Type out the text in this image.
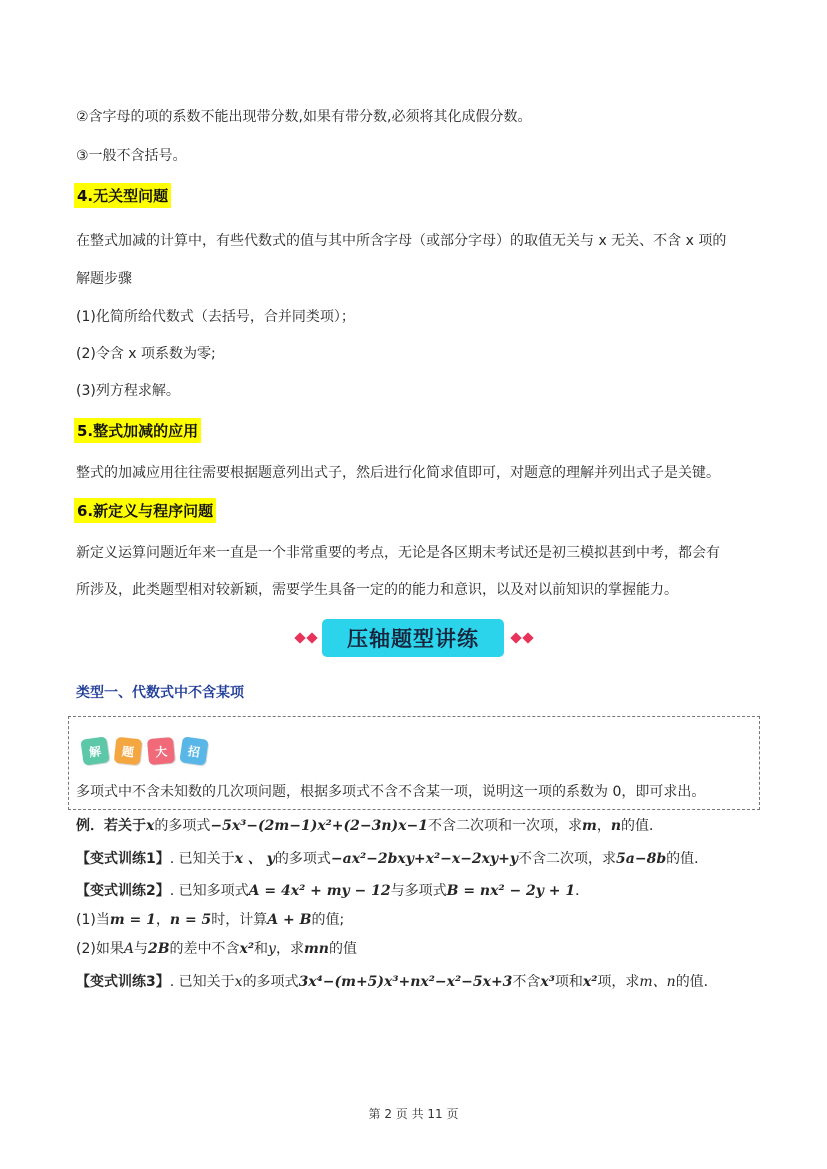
②含字母的项的系数不能出现带分数,如果有带分数,必须将其化成假分数。
③一般不含括号。
4.无关型问题
在整式加减的计算中，有些代数式的值与其中所含字母（或部分字母）的取值无关与 x 无关、不含 x 项的
解题步骤
(1)化简所给代数式（去括号，合并同类项）；
(2)令含 x 项系数为零;
(3)列方程求解。
5.整式加减的应用
整式的加减应用往往需要根据题意列出式子，然后进行化简求值即可，对题意的理解并列出式子是关键。
6.新定义与程序问题
新定义运算问题近年来一直是一个非常重要的考点，无论是各区期末考试还是初三模拟甚到中考，都会有
所涉及，此类题型相对较新颖，需要学生具备一定的的能力和意识，以及对以前知识的掌握能力。
压轴题型讲练
类型一、代数式中不含某项
解	题	大	招
多项式中不含未知数的几次项问题，根据多项式不含不含某一项，说明这一项的系数为 0，即可求出。
例．若关于x的多项式−5x³−(2m−1)x²+(2−3n)x−1不含二次项和一次项，求m，n的值．
【变式训练1】. 已知关于x 、 y的多项式−ax²−2bxy+x²−x−2xy+y不含二次项，求5a−8b的值．
【变式训练2】. 已知多项式A = 4x² + my − 12与多项式B = nx² − 2y + 1．
(1)当m = 1，n = 5时，计算A + B的值;
(2)如果A与2B的差中不含x²和y，求mn的值
【变式训练3】. 已知关于x的多项式3x⁴−(m+5)x³+nx²−x²−5x+3不含x³项和x²项，求m、n的值．
第 2 页 共 11 页
